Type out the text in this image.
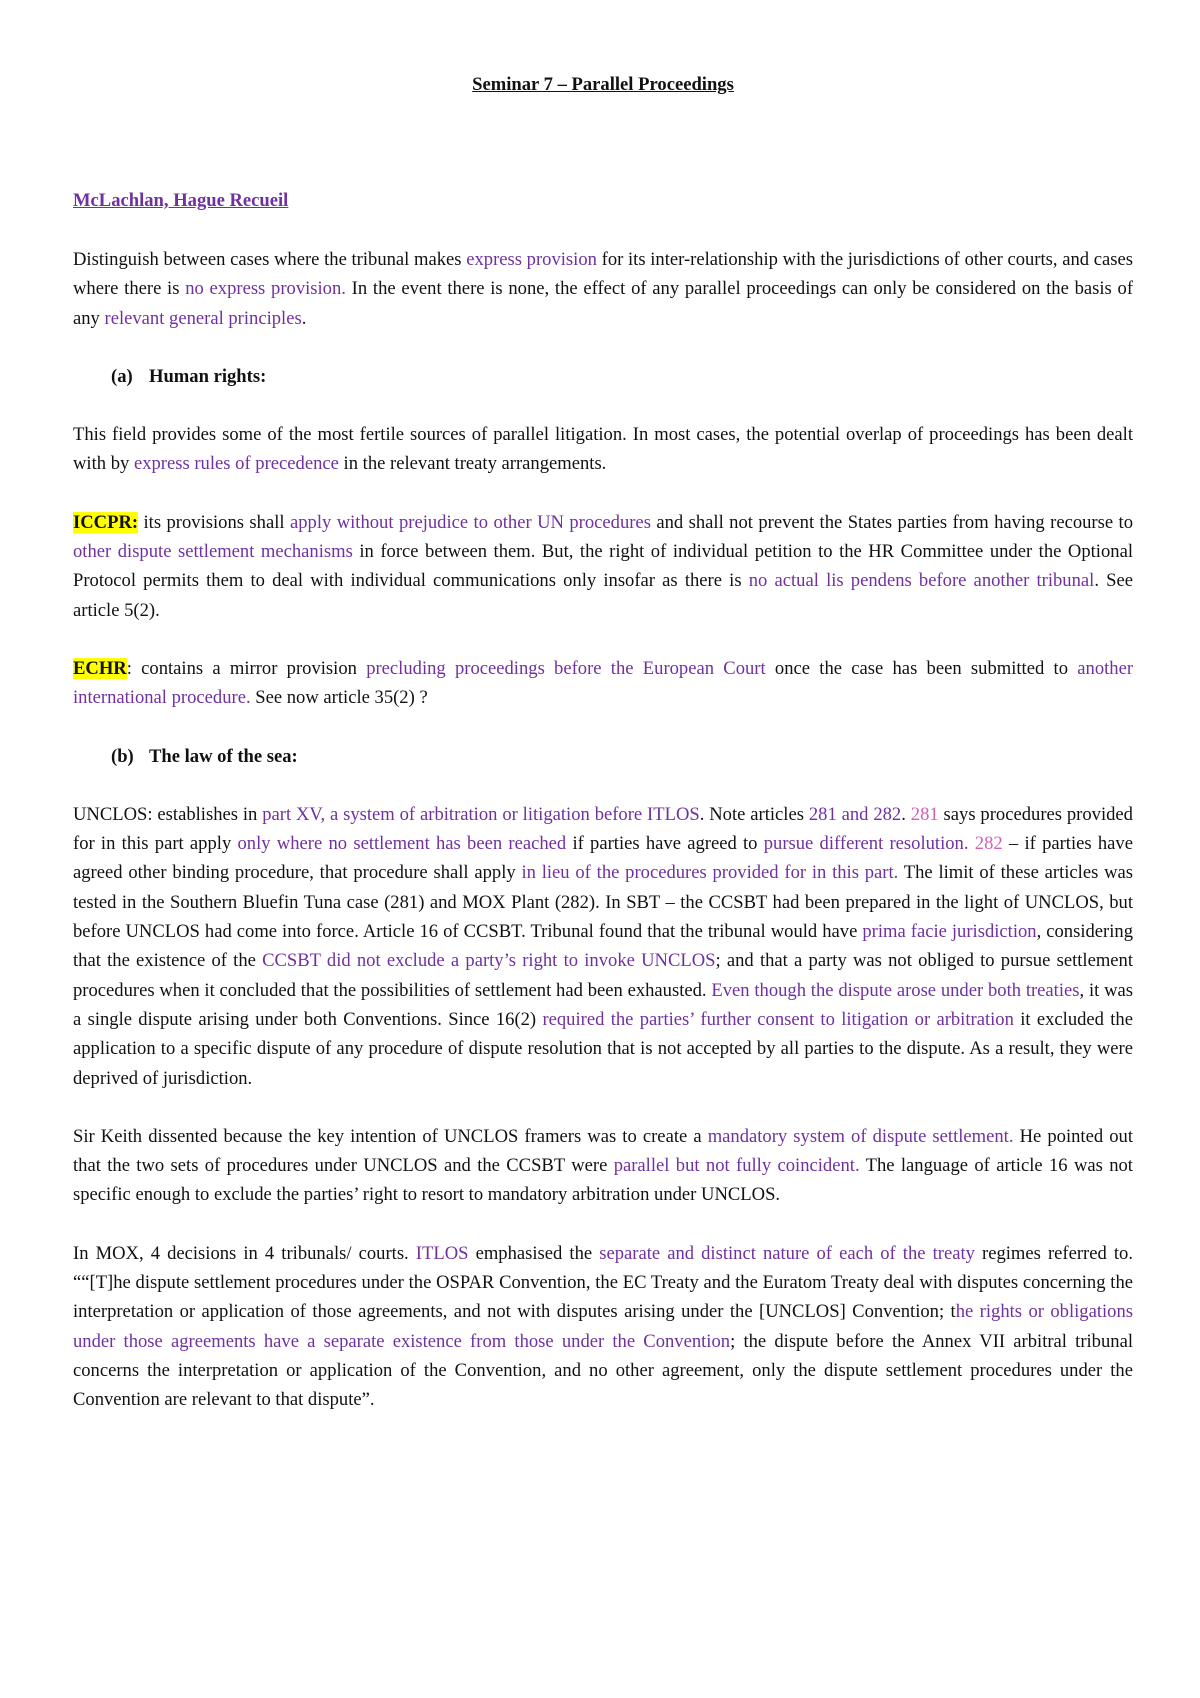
Seminar 7 – Parallel Proceedings

McLachlan, Hague Recueil

Distinguish between cases where the tribunal makes express provision for its inter-relationship with the jurisdictions of other courts, and cases where there is no express provision. In the event there is none, the effect of any parallel proceedings can only be considered on the basis of any relevant general principles.

(a) Human rights:

This field provides some of the most fertile sources of parallel litigation. In most cases, the potential overlap of proceedings has been dealt with by express rules of precedence in the relevant treaty arrangements.

ICCPR: its provisions shall apply without prejudice to other UN procedures and shall not prevent the States parties from having recourse to other dispute settlement mechanisms in force between them. But, the right of individual petition to the HR Committee under the Optional Protocol permits them to deal with individual communications only insofar as there is no actual lis pendens before another tribunal. See article 5(2).

ECHR: contains a mirror provision precluding proceedings before the European Court once the case has been submitted to another international procedure. See now article 35(2) ?

(b) The law of the sea:

UNCLOS: establishes in part XV, a system of arbitration or litigation before ITLOS. Note articles 281 and 282. 281 says procedures provided for in this part apply only where no settlement has been reached if parties have agreed to pursue different resolution. 282 – if parties have agreed other binding procedure, that procedure shall apply in lieu of the procedures provided for in this part. The limit of these articles was tested in the Southern Bluefin Tuna case (281) and MOX Plant (282). In SBT – the CCSBT had been prepared in the light of UNCLOS, but before UNCLOS had come into force. Article 16 of CCSBT. Tribunal found that the tribunal would have prima facie jurisdiction, considering that the existence of the CCSBT did not exclude a party’s right to invoke UNCLOS; and that a party was not obliged to pursue settlement procedures when it concluded that the possibilities of settlement had been exhausted. Even though the dispute arose under both treaties, it was a single dispute arising under both Conventions. Since 16(2) required the parties’ further consent to litigation or arbitration it excluded the application to a specific dispute of any procedure of dispute resolution that is not accepted by all parties to the dispute. As a result, they were deprived of jurisdiction.

Sir Keith dissented because the key intention of UNCLOS framers was to create a mandatory system of dispute settlement. He pointed out that the two sets of procedures under UNCLOS and the CCSBT were parallel but not fully coincident. The language of article 16 was not specific enough to exclude the parties’ right to resort to mandatory arbitration under UNCLOS.

In MOX, 4 decisions in 4 tribunals/ courts. ITLOS emphasised the separate and distinct nature of each of the treaty regimes referred to. ““[T]he dispute settlement procedures under the OSPAR Convention, the EC Treaty and the Euratom Treaty deal with disputes concerning the interpretation or application of those agreements, and not with disputes arising under the [UNCLOS] Convention; the rights or obligations under those agreements have a separate existence from those under the Convention; the dispute before the Annex VII arbitral tribunal concerns the interpretation or application of the Convention, and no other agreement, only the dispute settlement procedures under the Convention are relevant to that dispute”.
